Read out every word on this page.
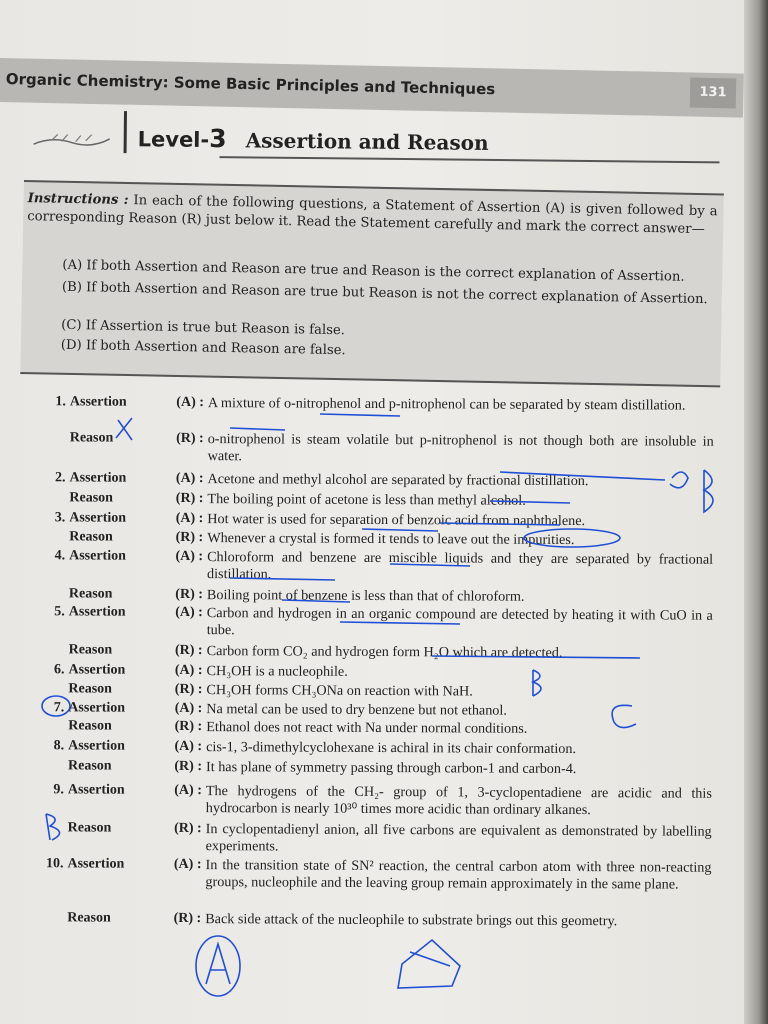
Organic Chemistry: Some Basic Principles and Techniques	131
Level-3 Assertion and Reason
Instructions : In each of the following questions, a Statement of Assertion (A) is given followed by a corresponding Reason (R) just below it. Read the Statement carefully and mark the correct answer—
(A) If both Assertion and Reason are true and Reason is the correct explanation of Assertion.
(B) If both Assertion and Reason are true but Reason is not the correct explanation of Assertion.
(C) If Assertion is true but Reason is false.
(D) If both Assertion and Reason are false.
1. Assertion	(A) : A mixture of o-nitrophenol and p-nitrophenol can be separated by steam distillation.
Reason	(R) : o-nitrophenol is steam volatile but p-nitrophenol is not though both are insoluble in water.
2. Assertion	(A) : Acetone and methyl alcohol are separated by fractional distillation.
Reason	(R) : The boiling point of acetone is less than methyl alcohol.
3. Assertion	(A) : Hot water is used for separation of benzoic acid from naphthalene.
Reason	(R) : Whenever a crystal is formed it tends to leave out the impurities.
4. Assertion	(A) : Chloroform and benzene are miscible liquids and they are separated by fractional distillation.
Reason	(R) : Boiling point of benzene is less than that of chloroform.
5. Assertion	(A) : Carbon and hydrogen in an organic compound are detected by heating it with CuO in a tube.
Reason	(R) : Carbon form CO₂ and hydrogen form H₂O which are detected.
6. Assertion	(A) : CH₃OH is a nucleophile.
Reason	(R) : CH₃OH forms CH₃ONa on reaction with NaH.
7. Assertion	(A) : Na metal can be used to dry benzene but not ethanol.
Reason	(R) : Ethanol does not react with Na under normal conditions.
8. Assertion	(A) : cis-1, 3-dimethylcyclohexane is achiral in its chair conformation.
Reason	(R) : It has plane of symmetry passing through carbon-1 and carbon-4.
9. Assertion	(A) : The hydrogens of the CH₂- group of 1, 3-cyclopentadiene are acidic and this hydrocarbon is nearly 10³⁰ times more acidic than ordinary alkanes.
Reason	(R) : In cyclopentadienyl anion, all five carbons are equivalent as demonstrated by labelling experiments.
10. Assertion	(A) : In the transition state of SN² reaction, the central carbon atom with three non-reacting groups, nucleophile and the leaving group remain approximately in the same plane.
Reason	(R) : Back side attack of the nucleophile to substrate brings out this geometry.
